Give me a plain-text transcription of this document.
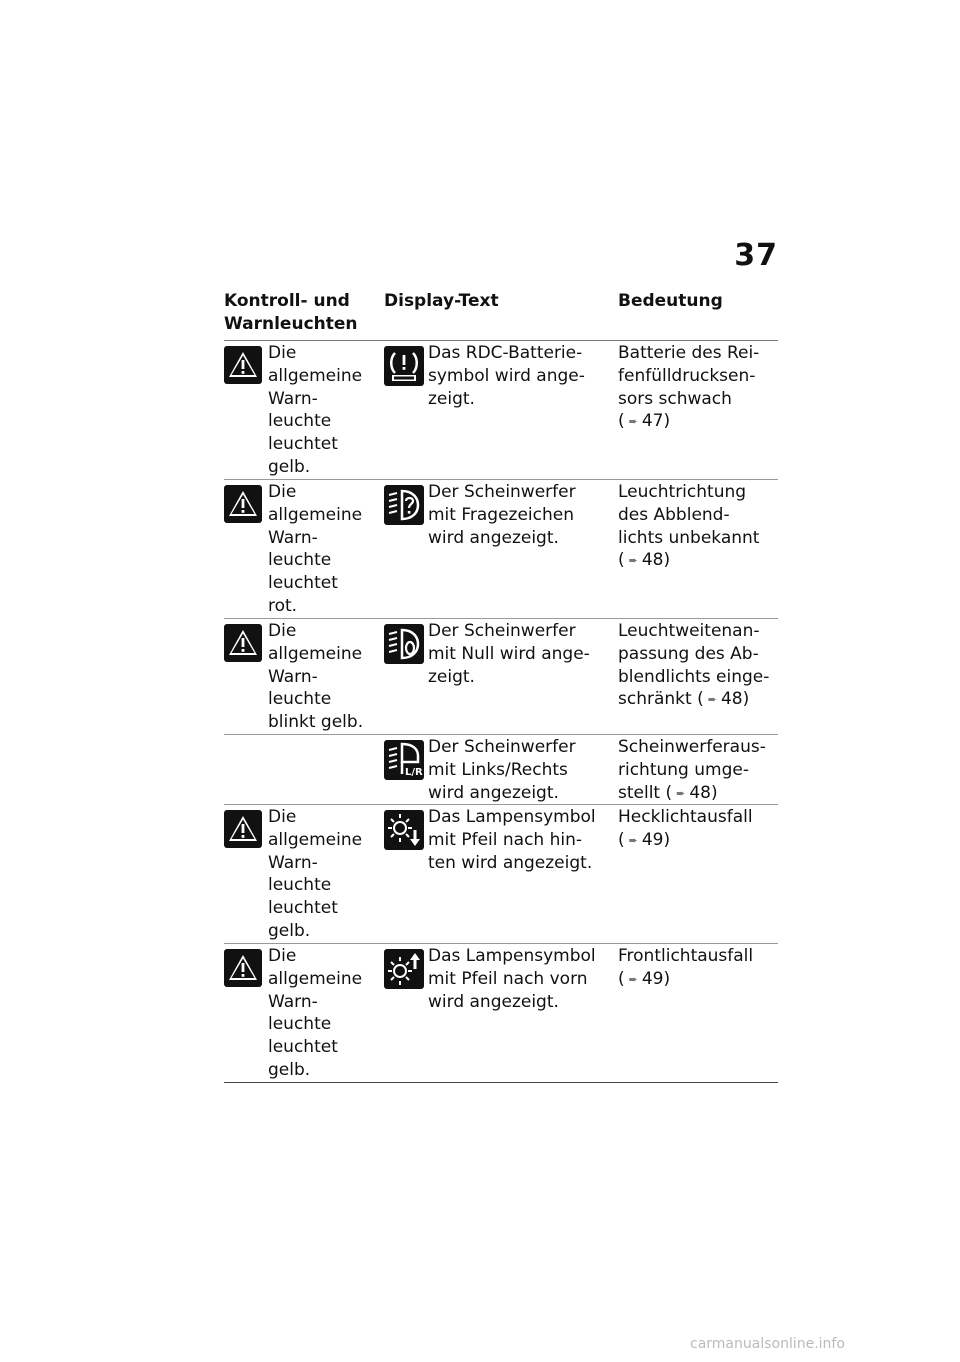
37
Kontroll- und
Warnleuchten
Display-Text	Bedeutung
Die
allgemeine
Warn-
leuchte
leuchtet
gelb.
Das RDC-Batterie-
symbol wird ange-
zeigt.
Batterie des Rei-
fenfülldrucksen-
sors schwach
( ➨ 47)
Die
allgemeine
Warn-
leuchte
leuchtet
rot.
Der Scheinwerfer
mit Fragezeichen
wird angezeigt.
Leuchtrichtung
des Abblend-
lichts unbekannt
( ➨ 48)
Die
allgemeine
Warn-
leuchte
blinkt gelb.
Der Scheinwerfer
mit Null wird ange-
zeigt.
Leuchtweitenan-
passung des Ab-
blendlichts einge-
schränkt ( ➨ 48)
L/R
Der Scheinwerfer
mit Links/Rechts
wird angezeigt.
Scheinwerferaus-
richtung umge-
stellt ( ➨ 48)
Die
allgemeine
Warn-
leuchte
leuchtet
gelb.
Das Lampensymbol
mit Pfeil nach hin-
ten wird angezeigt.
Hecklichtausfall
( ➨ 49)
Die
allgemeine
Warn-
leuchte
leuchtet
gelb.
Das Lampensymbol
mit Pfeil nach vorn
wird angezeigt.
Frontlichtausfall
( ➨ 49)
carmanualsonline.info
